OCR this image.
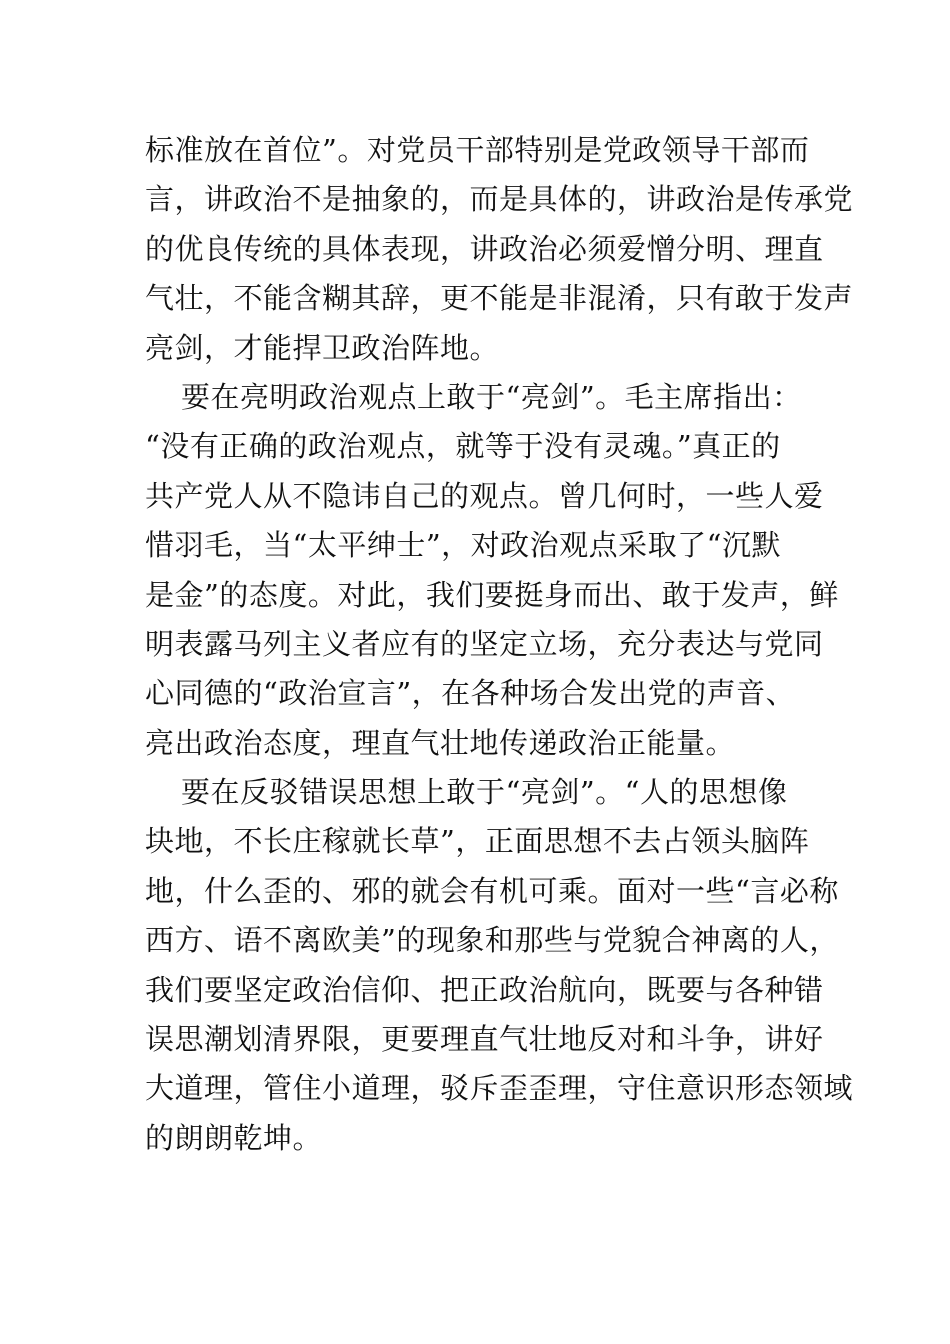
标准放在首位”。对党员干部特别是党政领导干部而
言，讲政治不是抽象的，而是具体的，讲政治是传承党
的优良传统的具体表现，讲政治必须爱憎分明、理直
气壮，不能含糊其辞，更不能是非混淆，只有敢于发声
亮剑，才能捍卫政治阵地。
要在亮明政治观点上敢于“亮剑”。毛主席指出：
“没有正确的政治观点，就等于没有灵魂。”真正的
共产党人从不隐讳自己的观点。曾几何时，一些人爱
惜羽毛，当“太平绅士”，对政治观点采取了“沉默
是金”的态度。对此，我们要挺身而出、敢于发声，鲜
明表露马列主义者应有的坚定立场，充分表达与党同
心同德的“政治宣言”，在各种场合发出党的声音、
亮出政治态度，理直气壮地传递政治正能量。
要在反驳错误思想上敢于“亮剑”。“人的思想像
块地，不长庄稼就长草”，正面思想不去占领头脑阵
地，什么歪的、邪的就会有机可乘。面对一些“言必称
西方、语不离欧美”的现象和那些与党貌合神离的人，
我们要坚定政治信仰、把正政治航向，既要与各种错
误思潮划清界限，更要理直气壮地反对和斗争，讲好
大道理，管住小道理，驳斥歪歪理，守住意识形态领域
的朗朗乾坤。
